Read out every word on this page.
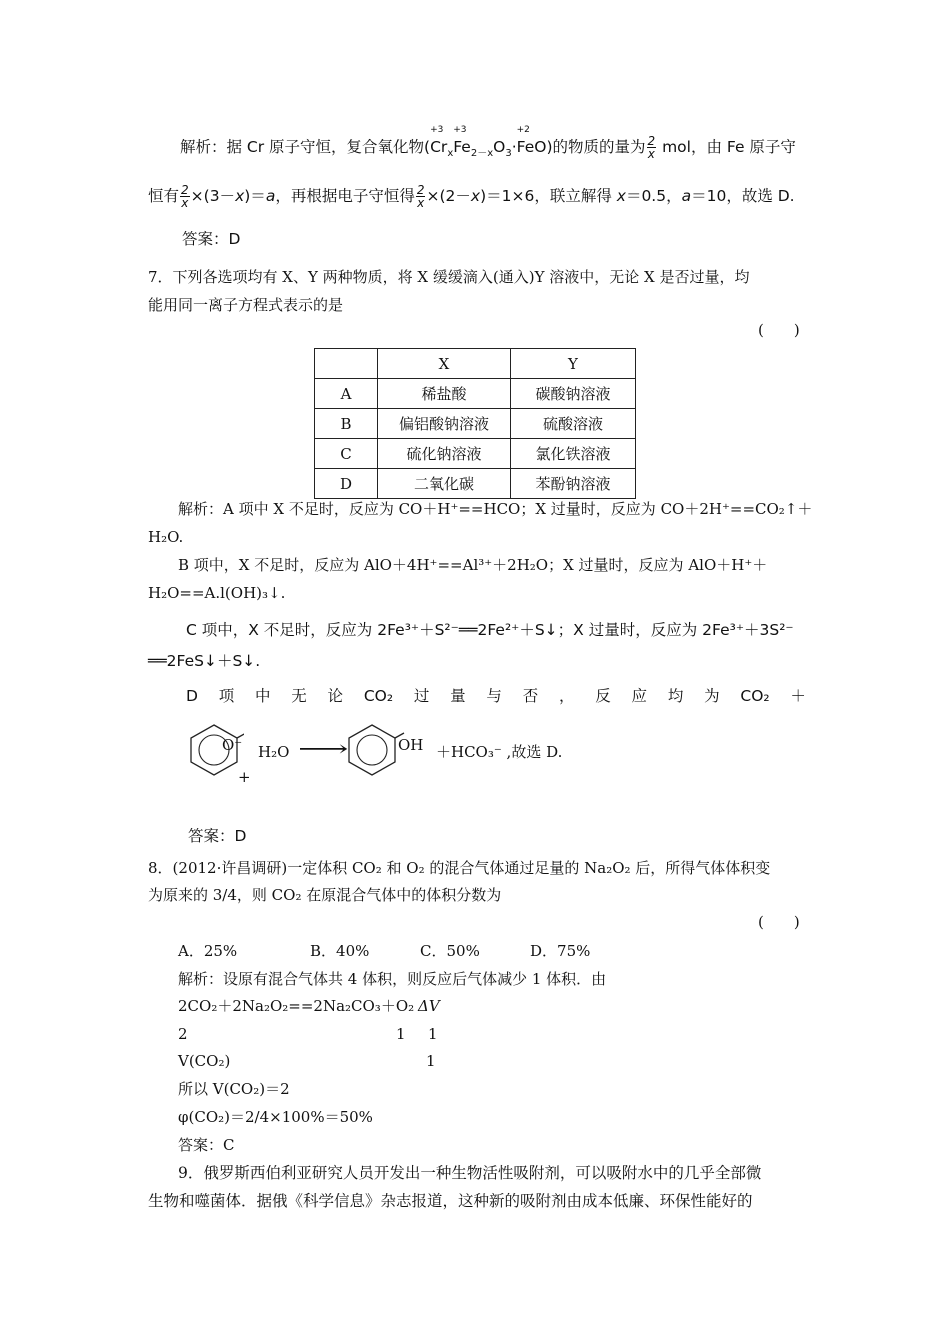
解析：据 Cr 原子守恒，复合氧化物(
+3
$Cr_x$
+3
$Fe_{2-x}O_3\cdot$
+2
FeO)的物质的量为 $\frac{2}{x}$ mol，由 Fe 原子守
恒有 $\frac{2}{x} \times(3-x)=a$，再根据电子守恒得 $\frac{2}{x} \times(2-x)=1\times 6$，联立解得 x＝0.5，a＝10，故选 D.
答案：D
7．下列各选项均有 X、Y 两种物质，将 X 缓缓滴入(通入)Y 溶液中，无论 X 是否过量，均
能用同一离子方程式表示的是
(　　)
	X	Y
A	稀盐酸	碳酸钠溶液
B	偏铝酸钠溶液	硫酸溶液
C	硫化钠溶液	氯化铁溶液
D	二氧化碳	苯酚钠溶液
解析：A 项中 X 不足时，反应为 CO＋H⁺==HCO；X 过量时，反应为 CO＋2H⁺==CO₂↑＋
H₂O.
B 项中，X 不足时，反应为 AlO＋4H⁺==Al³⁺＋2H₂O；X 过量时，反应为 AlO＋H⁺＋
H₂O==A.l(OH)₃↓.
C 项中，X 不足时，反应为 2Fe³⁺＋S²⁻══2Fe²⁺＋S↓；X 过量时，反应为 2Fe³⁺＋3S²⁻
══2FeS↓＋S↓.
D 项 中 无 论 CO₂ 过 量 与 否 ， 反 应 均 为 CO₂ ＋
O⁻
+
H₂O ⟶	OH ＋HCO₃⁻ ,故选 D.
答案：D
8．(2012·许昌调研)一定体积 CO₂ 和 O₂ 的混合气体通过足量的 Na₂O₂ 后，所得气体体积变
为原来的 3/4，则 CO₂ 在原混合气体中的体积分数为
(　　)
A．25%	B．40%	C．50%	D．75%
解析：设原有混合气体共 4 体积，则反应后气体减少 1 体积．由
2CO₂＋2Na₂O₂==2Na₂CO₃＋O₂ ΔV
2	1 1
V(CO₂)	1
所以 V(CO₂)＝2
φ(CO₂)＝2/4×100%＝50%
答案：C
9．俄罗斯西伯利亚研究人员开发出一种生物活性吸附剂，可以吸附水中的几乎全部微
生物和噬菌体．据俄《科学信息》杂志报道，这种新的吸附剂由成本低廉、环保性能好的
